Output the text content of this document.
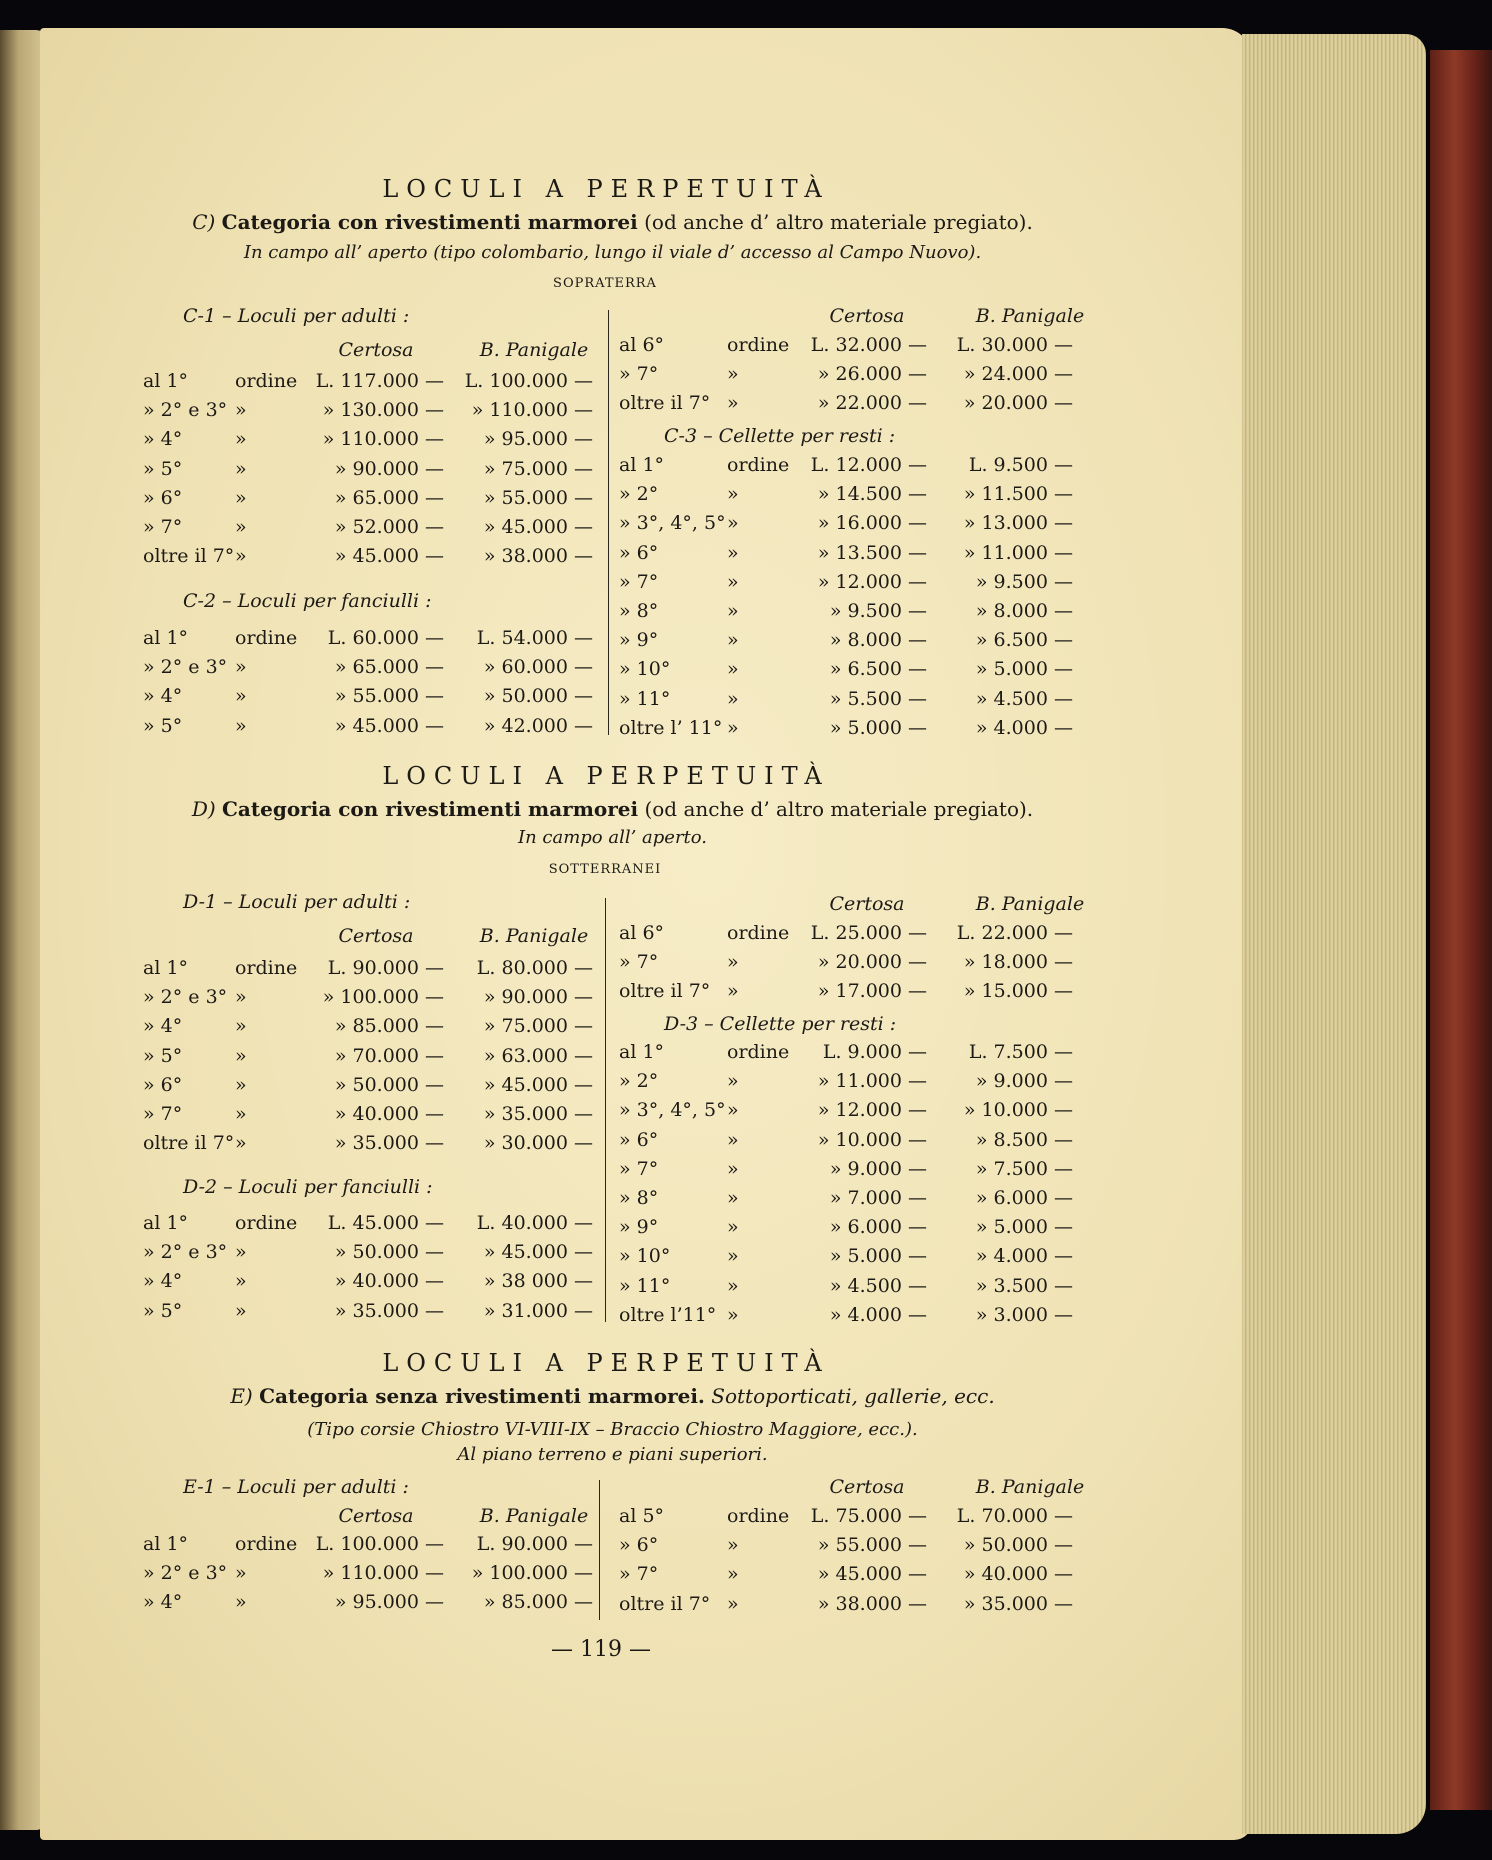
LOCULI A PERPETUITÀ
C) Categoria con rivestimenti marmorei (od anche d’ altro materiale pregiato).
In campo all’ aperto (tipo colombario, lungo il viale d’ accesso al Campo Nuovo).
SOPRATERRA
C-1 – Loculi per adulti :
Certosa	B. Panigale
al 1° ordine L. 117.000 — L. 100.000 —
» 2° e 3° »	» 130.000 —	» 110.000 —
» 4°	»	» 110.000 —	» 95.000 —
» 5°	»	» 90.000 —	» 75.000 —
» 6°	»	» 65.000 —	» 55.000 —
» 7°	»	» 52.000 —	» 45.000 —
oltre il 7° »	» 45.000 —	» 38.000 —
C-2 – Loculi per fanciulli :
al 1° ordine	L. 60.000 —	L. 54.000 —
» 2° e 3° »	» 65.000 —	» 60.000 —
» 4°	»	» 55.000 —	» 50.000 —
» 5°	»	» 45.000 —	» 42.000 —
Certosa	B. Panigale
al 6°	ordine	L. 32.000 —	L. 30.000 —
» 7°	»	» 26.000 —	» 24.000 —
oltre il 7° »	» 22.000 —	» 20.000 —
C-3 – Cellette per resti :
al 1°	ordine	L. 12.000 —	L. 9.500 —
» 2°	»	» 14.500 —	» 11.500 —
» 3°, 4°, 5° »	» 16.000 —	» 13.000 —
» 6°	»	» 13.500 —	» 11.000 —
» 7°	»	» 12.000 —	» 9.500 —
» 8°	»	» 9.500 —	» 8.000 —
» 9°	»	» 8.000 —	» 6.500 —
» 10°	»	» 6.500 —	» 5.000 —
» 11°	»	» 5.500 —	» 4.500 —
oltre l’ 11° »	» 5.000 —	» 4.000 —
LOCULI A PERPETUITÀ
D) Categoria con rivestimenti marmorei (od anche d’ altro materiale pregiato).
In campo all’ aperto.
SOTTERRANEI
D-1 – Loculi per adulti :
Certosa	B. Panigale
al 1° ordine	L. 90.000 —	L. 80.000 —
» 2° e 3° »	» 100.000 —	» 90.000 —
» 4°	»	» 85.000 —	» 75.000 —
» 5°	»	» 70.000 —	» 63.000 —
» 6°	»	» 50.000 —	» 45.000 —
» 7°	»	» 40.000 —	» 35.000 —
oltre il 7° »	» 35.000 —	» 30.000 —
D-2 – Loculi per fanciulli :
al 1° ordine	L. 45.000 —	L. 40.000 —
» 2° e 3° »	» 50.000 —	» 45.000 —
» 4°	»	» 40.000 —	» 38 000 —
» 5°	»	» 35.000 —	» 31.000 —
Certosa	B. Panigale
al 6°	ordine	L. 25.000 —	L. 22.000 —
» 7°	»	» 20.000 —	» 18.000 —
oltre il 7° »	» 17.000 —	» 15.000 —
D-3 – Cellette per resti :
al 1°	ordine	L. 9.000 —	L. 7.500 —
» 2°	»	» 11.000 —	» 9.000 —
» 3°, 4°, 5° »	» 12.000 —	» 10.000 —
» 6°	»	» 10.000 —	» 8.500 —
» 7°	»	» 9.000 —	» 7.500 —
» 8°	»	» 7.000 —	» 6.000 —
» 9°	»	» 6.000 —	» 5.000 —
» 10°	»	» 5.000 —	» 4.000 —
» 11°	»	» 4.500 —	» 3.500 —
oltre l’11° »	» 4.000 —	» 3.000 —
LOCULI A PERPETUITÀ
E) Categoria senza rivestimenti marmorei. Sottoporticati, gallerie, ecc.
(Tipo corsie Chiostro VI-VIII-IX – Braccio Chiostro Maggiore, ecc.).
Al piano terreno e piani superiori.
E-1 – Loculi per adulti :
Certosa	B. Panigale
al 1° ordine L. 100.000 —	L. 90.000 —
» 2° e 3° »	» 110.000 —	» 100.000 —
» 4°	»	» 95.000 —	» 85.000 —
Certosa	B. Panigale
al 5°	ordine	L. 75.000 —	L. 70.000 —
» 6°	»	» 55.000 —	» 50.000 —
» 7°	»	» 45.000 —	» 40.000 —
oltre il 7° »	» 38.000 —	» 35.000 —
— 119 —
